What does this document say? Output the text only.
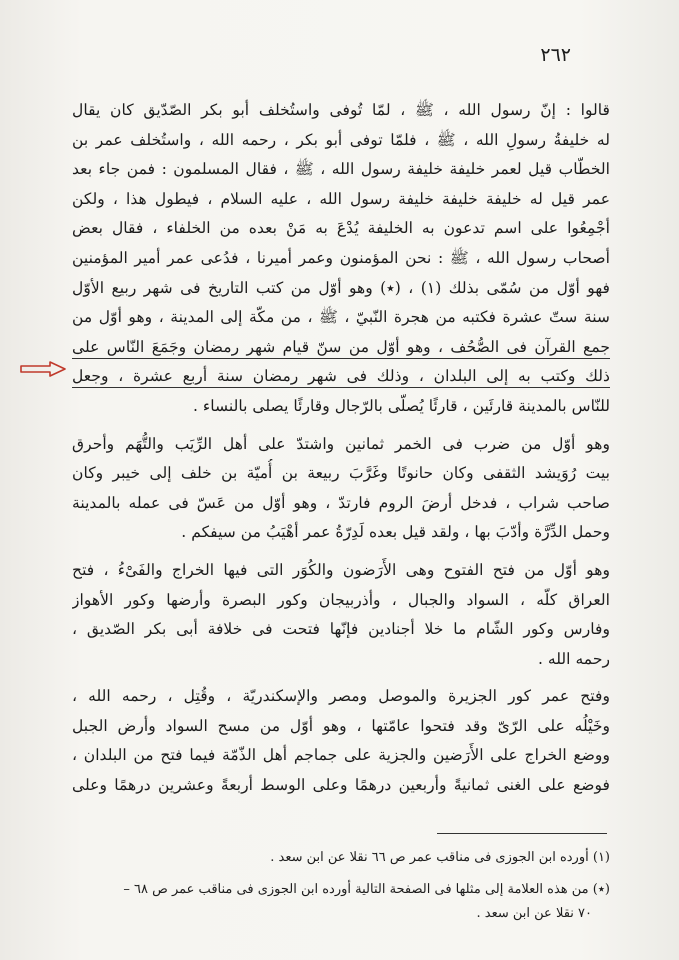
٢٦٢
قالوا : إنّ رسول الله ، ﷺ ، لمّا تُوفى واستُخلف أبو بكر الصّدّيق كان يقال
له خليفةُ رسولِ الله ، ﷺ ، فلمّا توفى أبو بكر ، رحمه الله ، واستُخلف عمر بن
الخطّاب قيل لعمر خليفة خليفة رسول الله ، ﷺ ، فقال المسلمون : فمن جاء بعد
عمر قيل له خليفة خليفة خليفة رسول الله ، عليه السلام ، فيطول هذا ، ولكن
أجْمِعُوا على اسم تدعون به الخليفة يُدْعَ به مَنْ بعده من الخلفاء ، فقال بعض
أصحاب رسول الله ، ﷺ : نحن المؤمنون وعمر أميرنا ، فدُعى عمر أمير المؤمنين
فهو أوّل من سُمّى بذلك (١) ، (٭) وهو أوّل من كتب التاريخ فى شهر ربيع الأوّل
سنة ستّ عشرة فكتبه من هجرة النّبيّ ، ﷺ ، من مكّة إلى المدينة ، وهو أوّل من
جمع القرآن فى الصُّحُف ، وهو أوّل من سنّ قيام شهر رمضان وجَمَعَ النّاس على
ذلك وكتب به إلى البلدان ، وذلك فى شهر رمضان سنة أربع عشرة ، وجعل
للنّاس بالمدينة قارئَين ، قارئًا يُصلّى بالرّجال وقارئًا يصلى بالنساء .
وهو أوّل من ضرب فى الخمر ثمانين واشتدّ على أهل الرِّيَب والتُّهَم وأحرق
بيت رُوَيشد الثقفى وكان حانوتًا وغَرَّبَ ربيعة بن أُميّة بن خلف إلى خيبر وكان
صاحب شراب ، فدخل أرضَ الروم فارتدّ ، وهو أوّل من عَسّ فى عمله بالمدينة
وحمل الدِّرَّة وأدّبَ بها ، ولقد قيل بعده لَدِرّةُ عمر أهْيَبُ من سيفكم .
وهو أوّل من فتح الفتوح وهى الأَرَضون والكُوَر التى فيها الخراج والفَىْءُ ، فتح
العراق كلّه ، السواد والجبال ، وأذربيجان وكور البصرة وأرضها وكور الأهواز
وفارس وكور الشّام ما خلا أجنادين فإنّها فتحت فى خلافة أبى بكر الصّديق ،
رحمه الله .
وفتح عمر كور الجزيرة والموصل ومصر والإسكندريّة ، وقُتِل ، رحمه الله ،
وخَيْلُه على الرّىّ وقد فتحوا عامّتها ، وهو أوّل من مسح السواد وأرض الجبل
ووضع الخراج على الأَرَضين والجزية على جماجم أهل الذّمّة فيما فتح من البلدان ،
فوضع على الغنى ثمانيةً وأربعين درهمًا وعلى الوسط أربعةً وعشرين درهمًا وعلى
(١) أورده ابن الجوزى فى مناقب عمر ص ٦٦ نقلا عن ابن سعد .
(٭) من هذه العلامة إلى مثلها فى الصفحة التالية أورده ابن الجوزى فى مناقب عمر ص ٦٨ –
٧٠ نقلا عن ابن سعد .
